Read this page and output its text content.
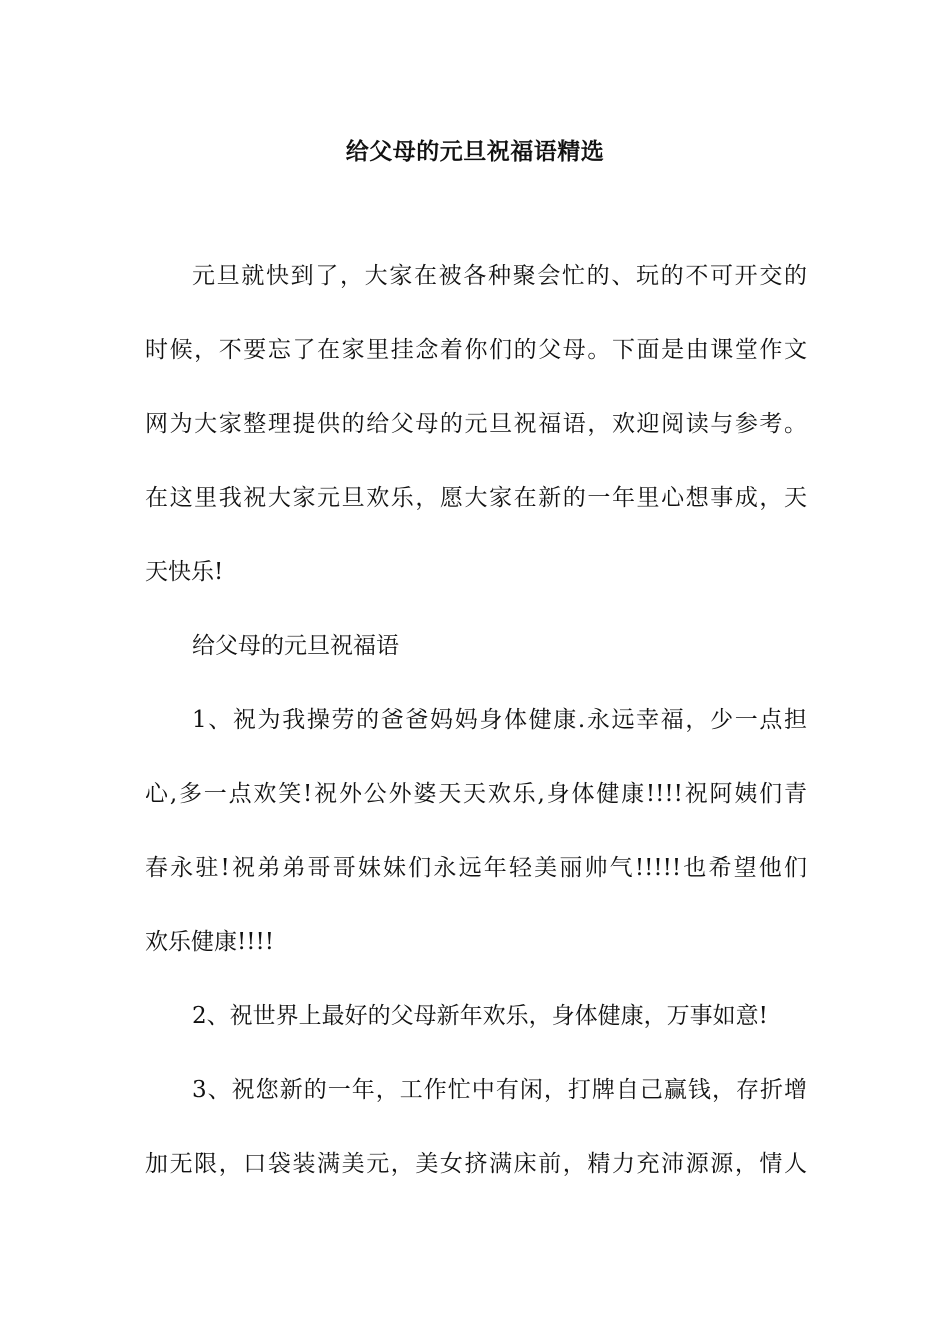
给父母的元旦祝福语精选
元旦就快到了，大家在被各种聚会忙的、玩的不可开交的
时候，不要忘了在家里挂念着你们的父母。下面是由课堂作文
网为大家整理提供的给父母的元旦祝福语，欢迎阅读与参考。
在这里我祝大家元旦欢乐，愿大家在新的一年里心想事成，天
天快乐!
给父母的元旦祝福语
1、祝为我操劳的爸爸妈妈身体健康.永远幸福，少一点担
心,多一点欢笑!祝外公外婆天天欢乐,身体健康!!!!祝阿姨们青
春永驻!祝弟弟哥哥妹妹们永远年轻美丽帅气!!!!!也希望他们
欢乐健康!!!!
2、祝世界上最好的父母新年欢乐，身体健康，万事如意!
3、祝您新的一年，工作忙中有闲，打牌自己赢钱，存折增
加无限，口袋装满美元，美女挤满床前，精力充沛源源，情人
